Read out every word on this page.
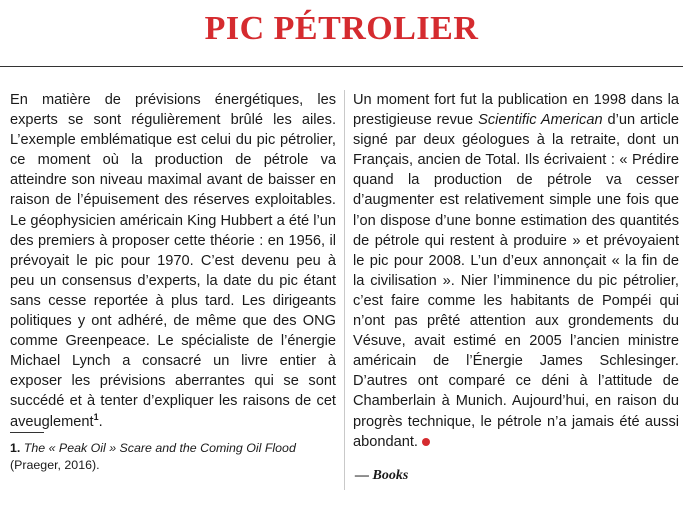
PIC PÉTROLIER
En matière de prévisions énergétiques, les experts se sont régulièrement brûlé les ailes. L’exemple emblématique est celui du pic pétrolier, ce moment où la production de pétrole va atteindre son niveau maximal avant de baisser en raison de l’épuisement des réserves exploitables. Le géophysicien américain King Hubbert a été l’un des premiers à proposer cette théorie : en 1956, il prévoyait le pic pour 1970. C’est devenu peu à peu un consensus d’experts, la date du pic étant sans cesse reportée à plus tard. Les dirigeants politiques y ont adhéré, de même que des ONG comme Greenpeace. Le spécialiste de l’énergie Michael Lynch a consacré un livre entier à exposer les prévisions aberrantes qui se sont succédé et à tenter d’expliquer les raisons de cet aveuglement$^1$.
Un moment fort fut la publication en 1998 dans la prestigieuse revue Scientific American d’un article signé par deux géologues à la retraite, dont un Français, ancien de Total. Ils écrivaient : « Prédire quand la production de pétrole va cesser d’augmenter est relativement simple une fois que l’on dispose d’une bonne estimation des quantités de pétrole qui restent à produire » et prévoyaient le pic pour 2008. L’un d’eux annonçait « la fin de la civilisation ». Nier l’imminence du pic pétrolier, c’est faire comme les habitants de Pompéi qui n’ont pas prêté attention aux grondements du Vésuve, avait estimé en 2005 l’ancien ministre américain de l’Énergie James Schlesinger. D’autres ont comparé ce déni à l’attitude de Chamberlain à Munich. Aujourd’hui, en raison du progrès technique, le pétrole n’a jamais été aussi abondant.
1. The « Peak Oil » Scare and the Coming Oil Flood
(Praeger, 2016).
— Books
